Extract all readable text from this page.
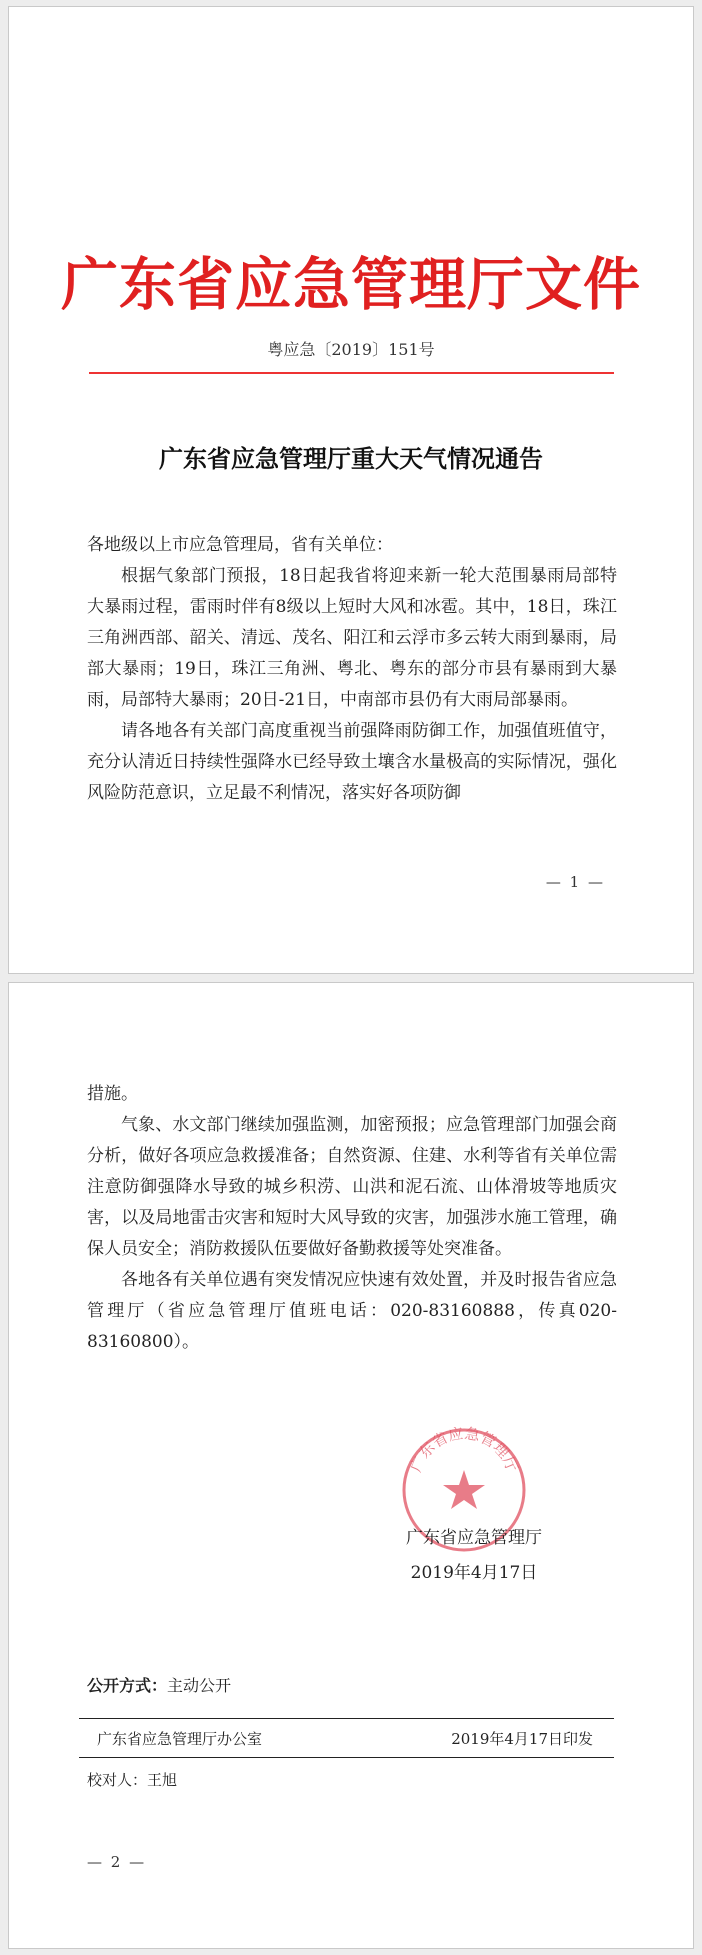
广东省应急管理厅文件
粤应急〔2019〕151号
广东省应急管理厅重大天气情况通告

各地级以上市应急管理局，省有关单位：

根据气象部门预报，18日起我省将迎来新一轮大范围暴雨局部特大暴雨过程，雷雨时伴有8级以上短时大风和冰雹。其中，18日，珠江三角洲西部、韶关、清远、茂名、阳江和云浮市多云转大雨到暴雨，局部大暴雨；19日，珠江三角洲、粤北、粤东的部分市县有暴雨到大暴雨，局部特大暴雨；20日-21日，中南部市县仍有大雨局部暴雨。

请各地各有关部门高度重视当前强降雨防御工作，加强值班值守，充分认清近日持续性强降水已经导致土壤含水量极高的实际情况，强化风险防范意识，立足最不利情况，落实好各项防御

— 1 —

措施。

气象、水文部门继续加强监测，加密预报；应急管理部门加强会商分析，做好各项应急救援准备；自然资源、住建、水利等省有关单位需注意防御强降水导致的城乡积涝、山洪和泥石流、山体滑坡等地质灾害，以及局地雷击灾害和短时大风导致的灾害，加强涉水施工管理，确保人员安全；消防救援队伍要做好备勤救援等处突准备。

各地各有关单位遇有突发情况应快速有效处置，并及时报告省应急管理厅（省应急管理厅值班电话：020-83160888，传真020-83160800）。

广东省应急管理厅
广东省应急管理厅
2019年4月17日
公开方式：主动公开
广东省应急管理厅办公室	2019年4月17日印发
校对人：王旭
— 2 —
